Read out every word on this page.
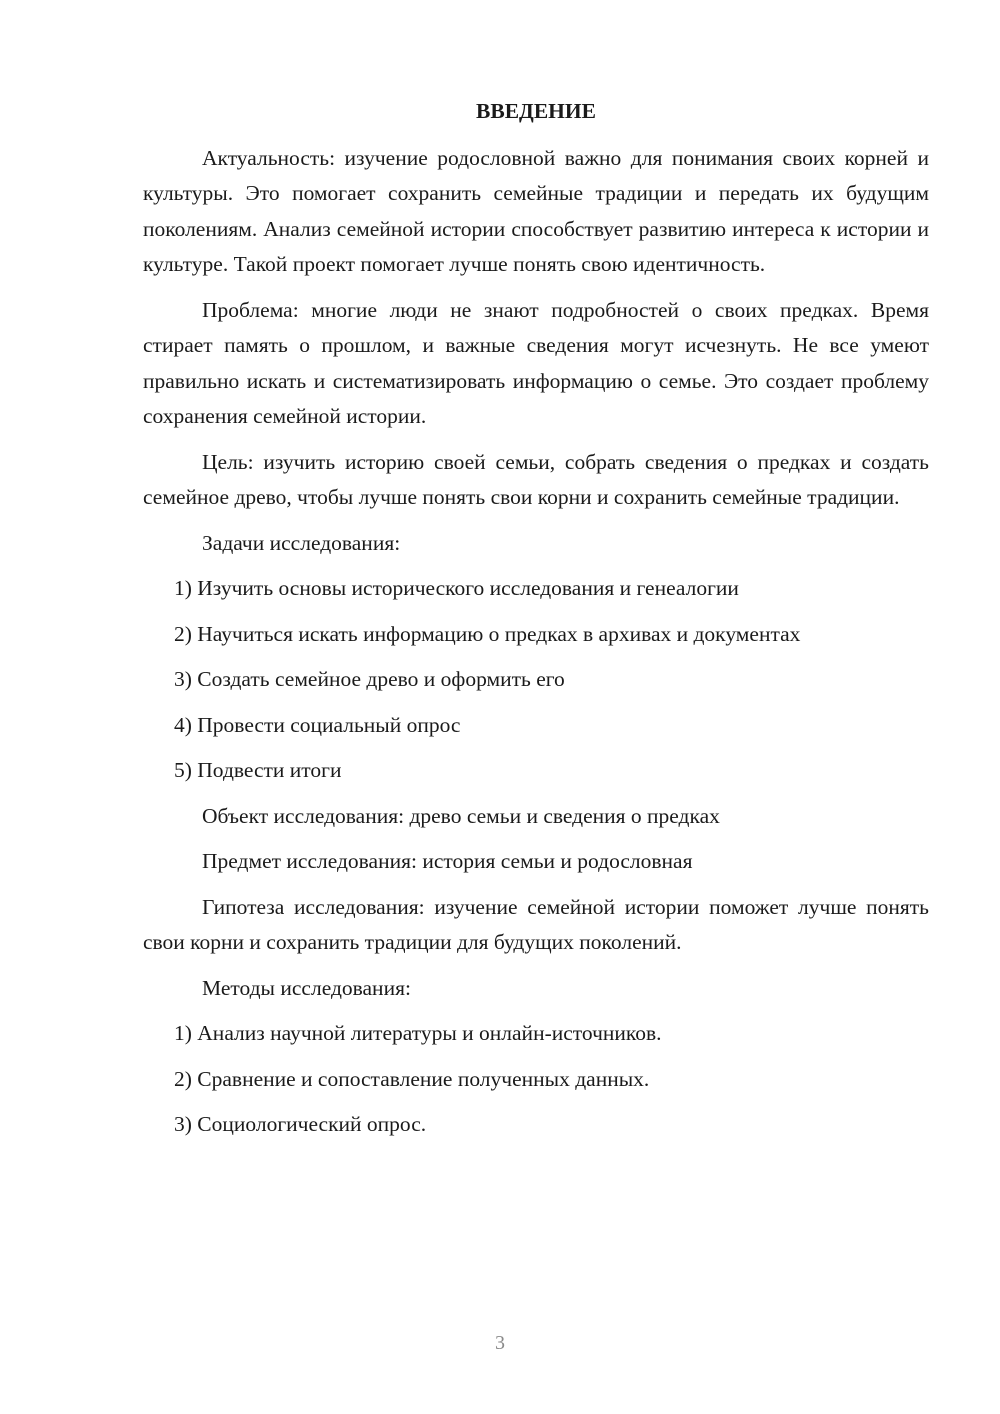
ВВЕДЕНИЕ

Актуальность: изучение родословной важно для понимания своих корней и культуры. Это помогает сохранить семейные традиции и передать их будущим поколениям. Анализ семейной истории способствует развитию интереса к истории и культуре. Такой проект помогает лучше понять свою идентичность.

Проблема: многие люди не знают подробностей о своих предках. Время стирает память о прошлом, и важные сведения могут исчезнуть. Не все умеют правильно искать и систематизировать информацию о семье. Это создает проблему сохранения семейной истории.

Цель: изучить историю своей семьи, собрать сведения о предках и создать семейное древо, чтобы лучше понять свои корни и сохранить семейные традиции.

Задачи исследования:

1) Изучить основы исторического исследования и генеалогии

2) Научиться искать информацию о предках в архивах и документах

3) Создать семейное древо и оформить его

4) Провести социальный опрос

5) Подвести итоги

Объект исследования: древо семьи и сведения о предках

Предмет исследования: история семьи и родословная

Гипотеза исследования: изучение семейной истории поможет лучше понять свои корни и сохранить традиции для будущих поколений.

Методы исследования:

1) Анализ научной литературы и онлайн-источников.

2) Сравнение и сопоставление полученных данных.

3) Социологический опрос.

3
